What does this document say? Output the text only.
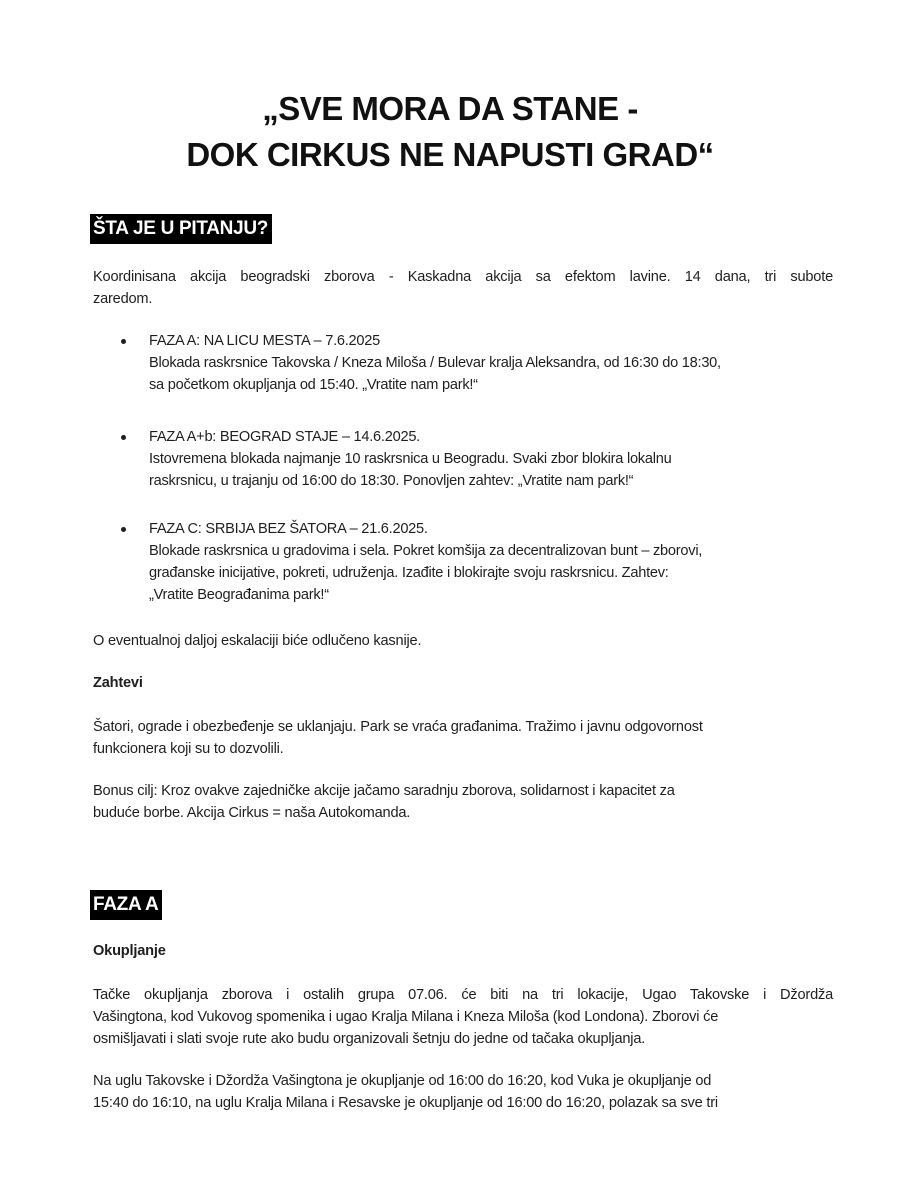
„SVE MORA DA STANE -
DOK CIRKUS NE NAPUSTI GRAD“
ŠTA JE U PITANJU?
Koordinisana akcija beogradski zborova - Kaskadna akcija sa efektom lavine. 14 dana, tri subote
zaredom.
FAZA A: NA LICU MESTA – 7.6.2025
Blokada raskrsnice Takovska / Kneza Miloša / Bulevar kralja Aleksandra, od 16:30 do 18:30,
sa početkom okupljanja od 15:40. „Vratite nam park!“
FAZA A+b: BEOGRAD STAJE – 14.6.2025.
Istovremena blokada najmanje 10 raskrsnica u Beogradu. Svaki zbor blokira lokalnu
raskrsnicu, u trajanju od 16:00 do 18:30. Ponovljen zahtev: „Vratite nam park!“
FAZA C: SRBIJA BEZ ŠATORA – 21.6.2025.
Blokade raskrsnica u gradovima i sela. Pokret komšija za decentralizovan bunt – zborovi,
građanske inicijative, pokreti, udruženja. Izađite i blokirajte svoju raskrsnicu. Zahtev:
„Vratite Beograđanima park!“
O eventualnoj daljoj eskalaciji biće odlučeno kasnije.
Zahtevi
Šatori, ograde i obezbeđenje se uklanjaju. Park se vraća građanima. Tražimo i javnu odgovornost
funkcionera koji su to dozvolili.
Bonus cilj: Kroz ovakve zajedničke akcije jačamo saradnju zborova, solidarnost i kapacitet za
buduće borbe. Akcija Cirkus = naša Autokomanda.
FAZA A
Okupljanje
Tačke okupljanja zborova i ostalih grupa 07.06. će biti na tri lokacije, Ugao Takovske i Džordža
Vašingtona, kod Vukovog spomenika i ugao Kralja Milana i Kneza Miloša (kod Londona). Zborovi će
osmišljavati i slati svoje rute ako budu organizovali šetnju do jedne od tačaka okupljanja.
Na uglu Takovske i Džordža Vašingtona je okupljanje od 16:00 do 16:20, kod Vuka je okupljanje od
15:40 do 16:10, na uglu Kralja Milana i Resavske je okupljanje od 16:00 do 16:20, polazak sa sve tri
